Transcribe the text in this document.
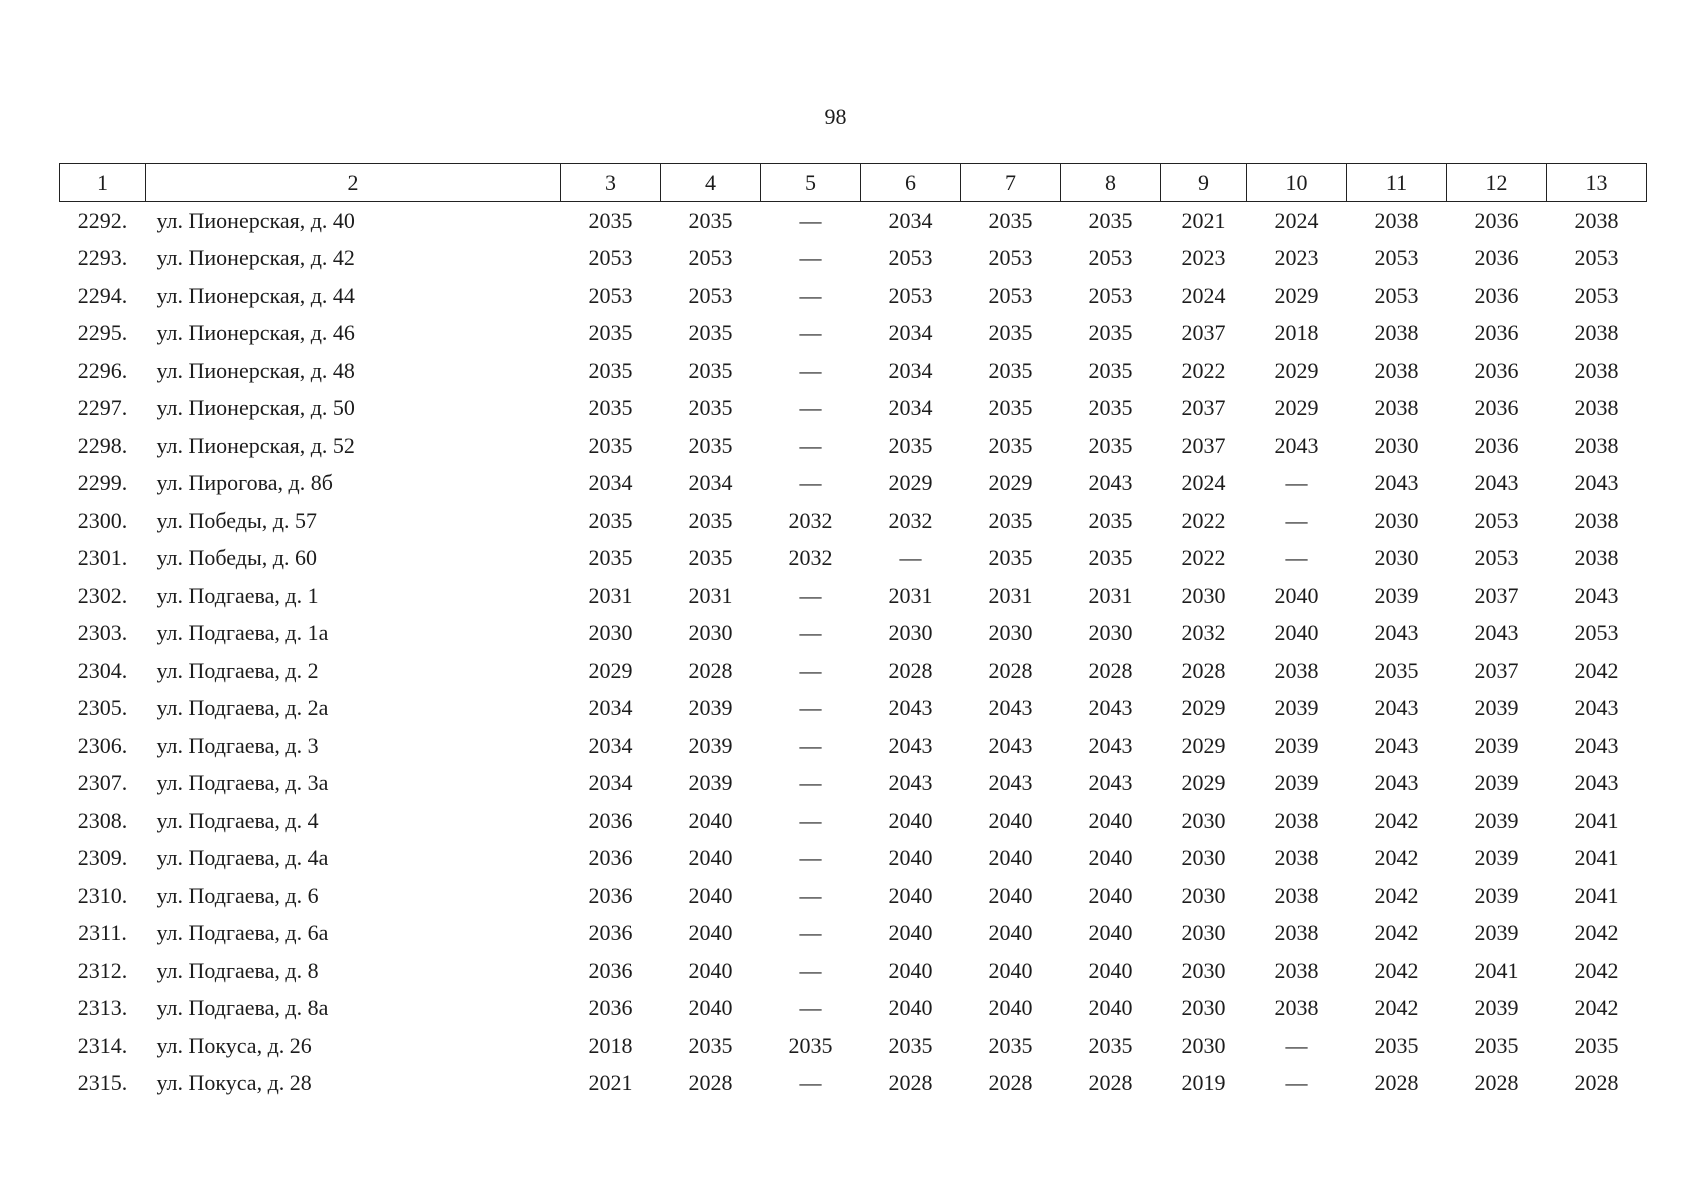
98
1	2	3	4	5	6	7	8	9	10	11	12	13
2292.	ул. Пионерская, д. 40	2035	2035	—	2034	2035	2035	2021	2024	2038	2036	2038
2293.	ул. Пионерская, д. 42	2053	2053	—	2053	2053	2053	2023	2023	2053	2036	2053
2294.	ул. Пионерская, д. 44	2053	2053	—	2053	2053	2053	2024	2029	2053	2036	2053
2295.	ул. Пионерская, д. 46	2035	2035	—	2034	2035	2035	2037	2018	2038	2036	2038
2296.	ул. Пионерская, д. 48	2035	2035	—	2034	2035	2035	2022	2029	2038	2036	2038
2297.	ул. Пионерская, д. 50	2035	2035	—	2034	2035	2035	2037	2029	2038	2036	2038
2298.	ул. Пионерская, д. 52	2035	2035	—	2035	2035	2035	2037	2043	2030	2036	2038
2299.	ул. Пирогова, д. 8б	2034	2034	—	2029	2029	2043	2024	—	2043	2043	2043
2300.	ул. Победы, д. 57	2035	2035	2032	2032	2035	2035	2022	—	2030	2053	2038
2301.	ул. Победы, д. 60	2035	2035	2032	—	2035	2035	2022	—	2030	2053	2038
2302.	ул. Подгаева, д. 1	2031	2031	—	2031	2031	2031	2030	2040	2039	2037	2043
2303.	ул. Подгаева, д. 1а	2030	2030	—	2030	2030	2030	2032	2040	2043	2043	2053
2304.	ул. Подгаева, д. 2	2029	2028	—	2028	2028	2028	2028	2038	2035	2037	2042
2305.	ул. Подгаева, д. 2а	2034	2039	—	2043	2043	2043	2029	2039	2043	2039	2043
2306.	ул. Подгаева, д. 3	2034	2039	—	2043	2043	2043	2029	2039	2043	2039	2043
2307.	ул. Подгаева, д. 3а	2034	2039	—	2043	2043	2043	2029	2039	2043	2039	2043
2308.	ул. Подгаева, д. 4	2036	2040	—	2040	2040	2040	2030	2038	2042	2039	2041
2309.	ул. Подгаева, д. 4а	2036	2040	—	2040	2040	2040	2030	2038	2042	2039	2041
2310.	ул. Подгаева, д. 6	2036	2040	—	2040	2040	2040	2030	2038	2042	2039	2041
2311.	ул. Подгаева, д. 6а	2036	2040	—	2040	2040	2040	2030	2038	2042	2039	2042
2312.	ул. Подгаева, д. 8	2036	2040	—	2040	2040	2040	2030	2038	2042	2041	2042
2313.	ул. Подгаева, д. 8а	2036	2040	—	2040	2040	2040	2030	2038	2042	2039	2042
2314.	ул. Покуса, д. 26	2018	2035	2035	2035	2035	2035	2030	—	2035	2035	2035
2315.	ул. Покуса, д. 28	2021	2028	—	2028	2028	2028	2019	—	2028	2028	2028
